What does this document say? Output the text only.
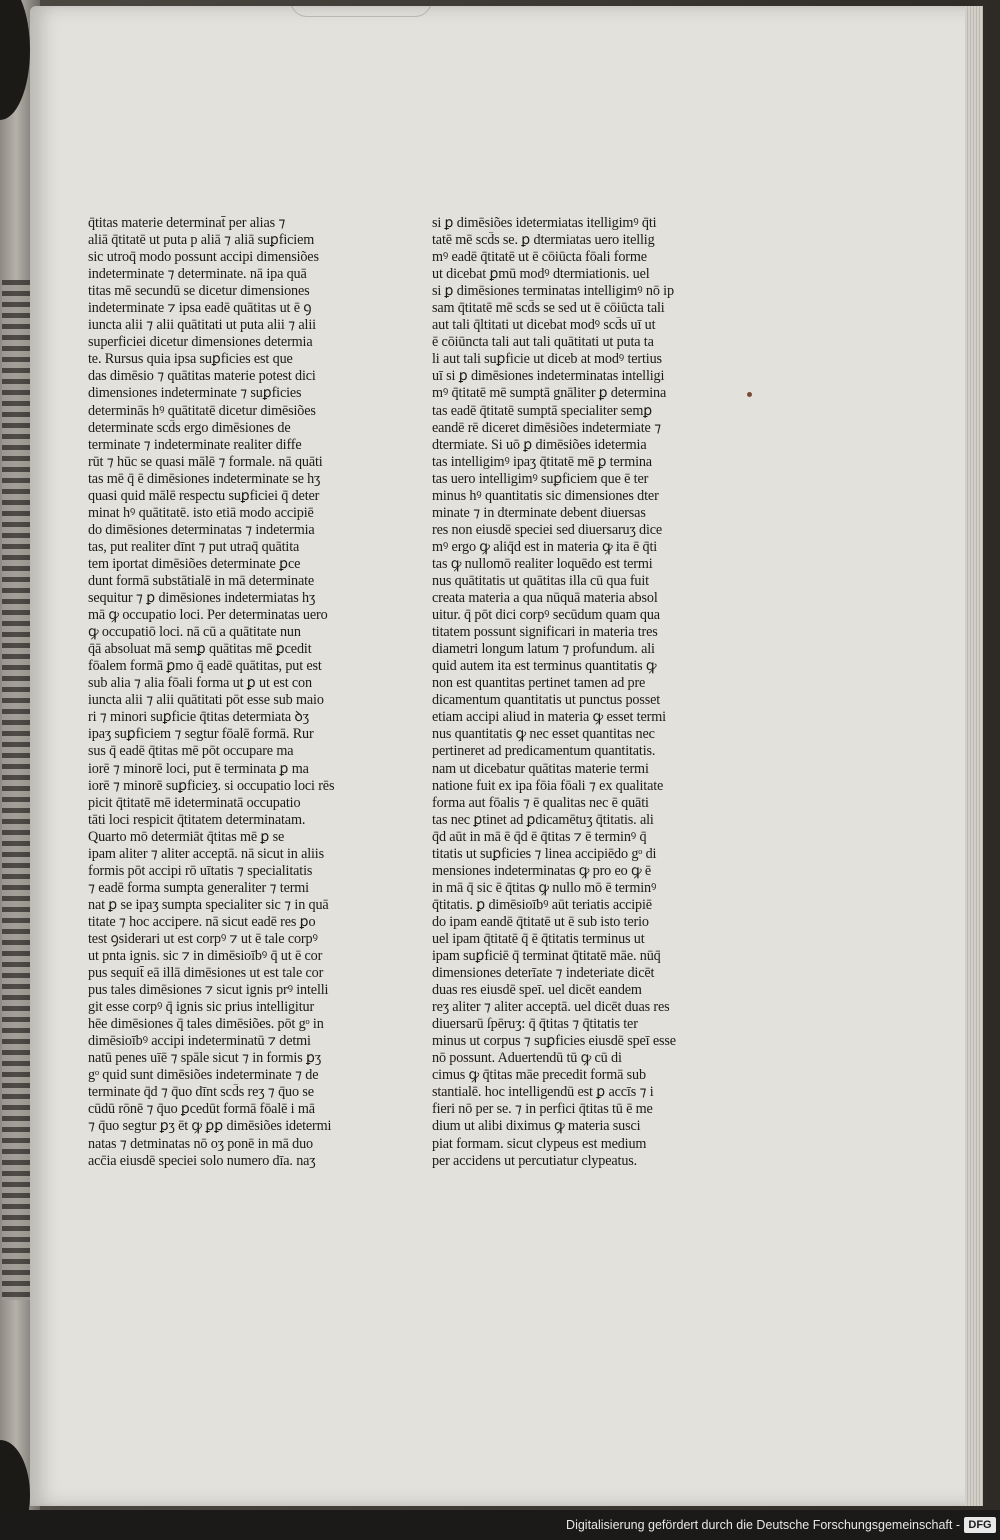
q̄titas materie determinat̄ per alias ⁊
aliā q̄titatē ut puta p aliā ⁊ aliā suꝑficiem
sic utroq̄ modo possunt accipi dimensiões
indeterminate ⁊ determinate. nā ipa quā
titas mē secundū se dicetur dimensiones
indeterminate ⁊ ipsa eadē quātitas ut ē ꝯ
iuncta alii ⁊ alii quātitati ut puta alii ⁊ alii
superficiei dicetur dimensiones determia
te. Rursus quia ipsa suꝑficies est que
das dimēsio ⁊ quātitas materie potest dici
dimensiones indeterminate ⁊ suꝑficies
determinās hꝰ quātitatē dicetur dimēsiões
determinate scd̄s ergo dimēsiones de
terminate ⁊ indeterminate realiter diffe
rūt ⁊ hūc se quasi mālē ⁊ formale. nā quāti
tas mē q̄ ē dimēsiones indeterminate se hʒ
quasi quid mālē respectu suꝑficiei q̄ deter
minat hꝰ quātitatē. isto etiā modo accipiē
do dimēsiones determinatas ⁊ indetermia
tas, put realiter dīnt ⁊ put utraq̄ quātita
tem iportat dimēsiões determinate ꝑce
dunt formā substātialē in mā determinate
sequitur ⁊ ꝑ dimēsiones indetermiatas hʒ
mā ꝙ occupatio loci. Per determinatas uero
ꝙ occupatiō loci. nā cū a quātitate nun
q̄ā absoluat mā semꝑ quātitas mē ꝑcedit
fōalem formā ꝑmo q̄ eadē quātitas, put est
sub alia ⁊ alia fōali forma ut ꝑ ut est con
iuncta alii ⁊ alii quātitati pōt esse sub maio
ri ⁊ minori suꝑficie q̄titas determiata ꝺʒ
ipaʒ suꝑficiem ⁊ segtur fōalē formā. Rur
sus q̄ eadē q̄titas mē pōt occupare ma
iorē ⁊ minorē loci, put ē terminata ꝑ ma
iorē ⁊ minorē suꝑficieʒ. si occupatio loci rēs
picit q̄titatē mē ideterminatā occupatio
tāti loci respicit q̄titatem determinatam.
Quarto mō determiāt q̄titas mē ꝑ se
ipam aliter ⁊ aliter acceptā. nā sicut in aliis
formis pōt accipi rō uītatis ⁊ specialitatis
⁊ eadē forma sumpta generaliter ⁊ termi
nat ꝑ se ipaʒ sumpta specialiter sic ⁊ in quā
titate ⁊ hoc accipere. nā sicut eadē res ꝑo
test ꝯsiderari ut est corpꝰ ⁊ ut ē tale corpꝰ
ut pnta ignis. sic ⁊ in dimēsioībꝰ q̄ ut ē cor
pus sequit̄ eā illā dimēsiones ut est tale cor
pus tales dimēsiones ⁊ sicut ignis prꝰ intelli
git esse corpꝰ q̄ ignis sic prius intelligitur
hēe dimēsiones q̄ tales dimēsiões. pōt gᵒ in
dimēsioībꝰ accipi indeterminatū ⁊ detmi
natū penes uīē ⁊ spāle sicut ⁊ in formis ꝑʒ
gᵒ quid sunt dimēsiões indeterminate ⁊ de
terminate q̄d ⁊ q̄uo dīnt scd̄s reʒ ⁊ q̄uo se
cūdū rōnē ⁊ q̄uo ꝑcedūt formā fōalē i mā
⁊ q̄uo segtur ꝑʒ ēt ꝙ ꝑꝑ dimēsiões idetermi
natas ⁊ detminatas nō oʒ ponē in mā duo
acc̄ia eiusdē speciei solo numero dīa. naʒ
si ꝑ dimēsiões idetermiatas itelligimꝰ q̄ti
tatē mē scd̄s se. ꝑ dtermiatas uero itellig
mꝰ eadē q̄titatē ut ē cōiūcta fōali forme
ut dicebat ꝑmū modꝰ dtermiationis. uel
si ꝑ dimēsiones terminatas intelligimꝰ nō ip
sam q̄titatē mē scd̄s se sed ut ē cōiūcta tali
aut tali q̄ltitati ut dicebat modꝰ scd̄s uī ut
ē cōiūncta tali aut tali quātitati ut puta ta
li aut tali suꝑficie ut diceb at modꝰ tertius
uī si ꝑ dimēsiones indeterminatas intelligi
mꝰ q̄titatē mē sumptā gnāliter ꝑ determina
tas eadē q̄titatē sumptā specialiter semꝑ
eandē rē diceret dimēsiões indetermiate ⁊
dtermiate. Si uō ꝑ dimēsiões idetermia
tas intelligimꝰ ipaʒ q̄titatē mē ꝑ termina
tas uero intelligimꝰ suꝑficiem que ē ter
minus hꝰ quantitatis sic dimensiones dter
minate ⁊ in dterminate debent diuersas
res non eiusdē speciei sed diuersaruʒ dice
mꝰ ergo ꝙ aliq̄d est in materia ꝙ ita ē q̄ti
tas ꝙ nullomō realiter loquēdo est termi
nus quātitatis ut quātitas illa cū qua fuit
creata materia a qua nūquā materia absol
uitur. q̄ pōt dici corpꝰ secūdum quam qua
titatem possunt significari in materia tres
diametri longum latum ⁊ profundum. ali
quid autem ita est terminus quantitatis ꝙ
non est quantitas pertinet tamen ad pre
dicamentum quantitatis ut punctus posset
etiam accipi aliud in materia ꝙ esset termi
nus quantitatis ꝙ nec esset quantitas nec
pertineret ad predicamentum quantitatis.
nam ut dicebatur quātitas materie termi
natione fuit ex ipa fōia fōali ⁊ ex qualitate
forma aut fōalis ⁊ ē qualitas nec ē quāti
tas nec ꝑtinet ad ꝑdicamētuʒ q̄titatis. ali
q̄d aūt in mā ē q̄d ē q̄titas ⁊ ē terminꝰ q̄
titatis ut suꝑficies ⁊ linea accipiēdo gᵒ di
mensiones indeterminatas ꝙ pro eo ꝙ ē
in mā q̄ sic ē q̄titas ꝙ nullo mō ē terminꝰ
q̄titatis. ꝑ dimēsioībꝰ aūt teriatis accipiē
do ipam eandē q̄titatē ut ē sub isto terio
uel ipam q̄titatē q̄ ē q̄titatis terminus ut
ipam suꝑficiē q̄ terminat q̄titatē māe. nūq̄
dimensiones deterīate ⁊ indeteriate dicēt
duas res eiusdē speī. uel dicēt eandem
reʒ aliter ⁊ aliter acceptā. uel dicēt duas res
diuersarū ſpēruʒ: q̄ q̄titas ⁊ q̄titatis ter
minus ut corpus ⁊ suꝑficies eiusdē speī esse
nō possunt. Aduertendū tū ꝙ cū di
cimus ꝙ q̄titas māe precedit formā sub
stantialē. hoc intelligendū est ꝑ accīs ⁊ i
fieri nō per se. ⁊ in perfici q̄titas tū ē me
dium ut alibi diximus ꝙ materia susci
piat formam. sicut clypeus est medium
per accidens ut percutiatur clypeatus.
Digitalisierung gefördert durch die Deutsche Forschungsgemeinschaft - DFG
